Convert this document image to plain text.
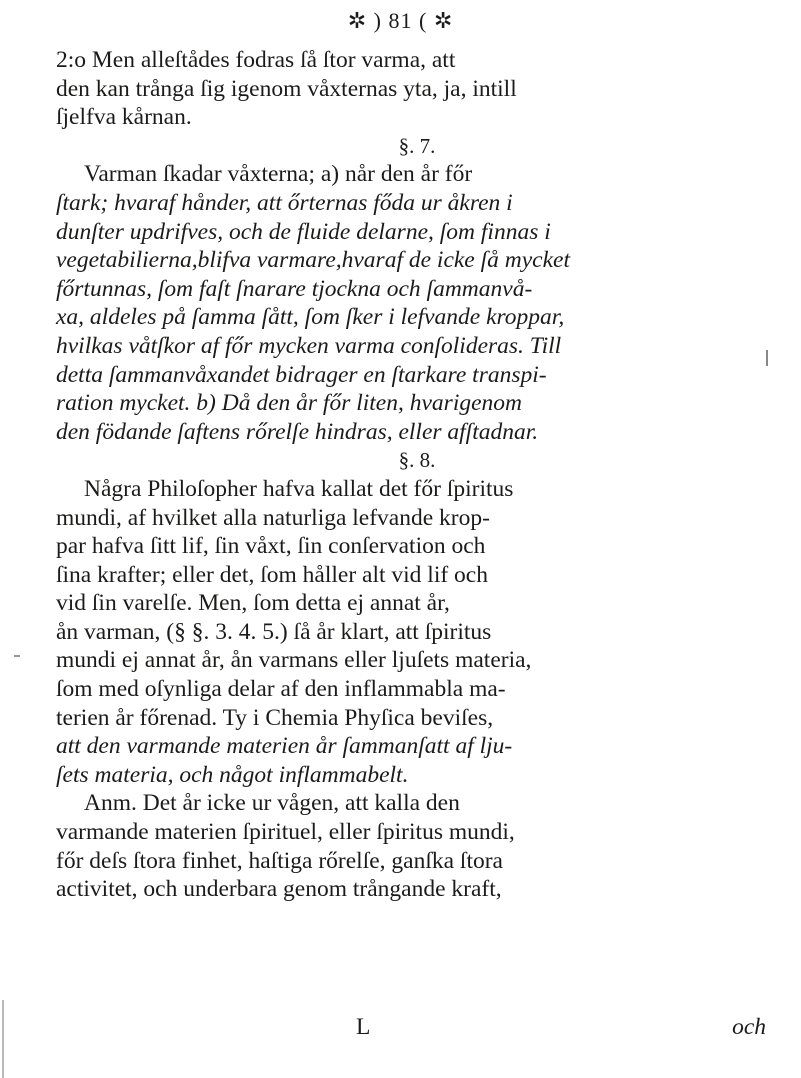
✲ ) 81 ( ✲
2:o Men alleſtådes fodras ſå ſtor varma, att
den kan trånga ſig igenom våxternas yta, ja, intill
ſjelfva kårnan.
§. 7.
Varman ſkadar våxterna; a) når den år főr
ſtark; hvaraf hånder, att őrternas főda ur åkren i
dunſter updrifves, och de fluide delarne, ſom finnas i
vegetabilierna,blifva varmare,hvaraf de icke ſå mycket
főrtunnas, ſom faſt ſnarare tjockna och ſammanvå-
xa, aldeles på ſamma ſått, ſom ſker i lefvande kroppar,
hvilkas våtſkor af főr mycken varma conſolideras. Till
detta ſammanvåxandet bidrager en ſtarkare transpi-
ration mycket. b) Då den år főr liten, hvarigenom
den födande ſaftens rőrelſe hindras, eller afſtadnar.
§. 8.
Några Philoſopher hafva kallat det főr ſpiritus
mundi, af hvilket alla naturliga lefvande krop-
par hafva ſitt lif, ſin våxt, ſin conſervation och
ſina krafter; eller det, ſom håller alt vid lif och
vid ſin varelſe. Men, ſom detta ej annat år,
ån varman, (§ §. 3. 4. 5.) ſå år klart, att ſpiritus
mundi ej annat år, ån varmans eller ljuſets materia,
ſom med oſynliga delar af den inflammabla ma-
terien år főrenad. Ty i Chemia Phyſica beviſes,
att den varmande materien år ſammanſatt af lju-
ſets materia, och något inflammabelt.
Anm. Det år icke ur vågen, att kalla den
varmande materien ſpirituel, eller ſpiritus mundi,
főr deſs ſtora finhet, haſtiga rőrelſe, ganſka ſtora
activitet, och underbara genom trångande kraft,
L	och
